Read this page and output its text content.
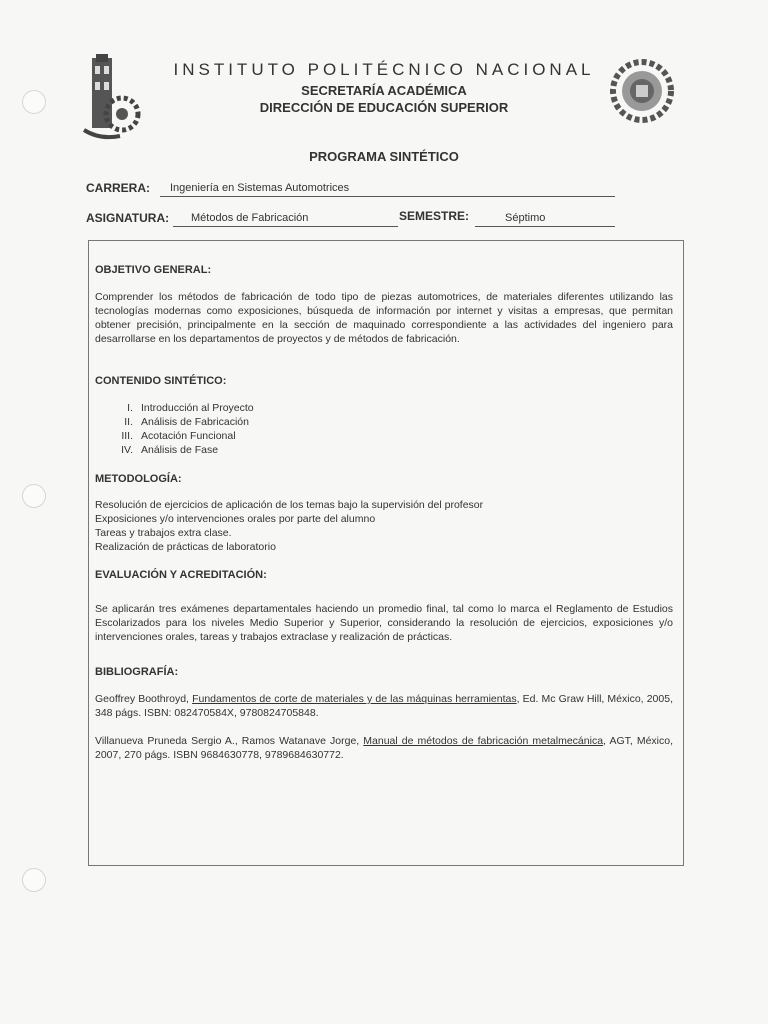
INSTITUTO POLITÉCNICO NACIONAL
SECRETARÍA ACADÉMICA
DIRECCIÓN DE EDUCACIÓN SUPERIOR
PROGRAMA SINTÉTICO
CARRERA:	Ingeniería en Sistemas Automotrices
ASIGNATURA:	Métodos de Fabricación	SEMESTRE:	Séptimo
OBJETIVO GENERAL:
Comprender los métodos de fabricación de todo tipo de piezas automotrices, de materiales diferentes utilizando las tecnologías modernas como exposiciones, búsqueda de información por internet y visitas a empresas, que permitan obtener precisión, principalmente en la sección de maquinado correspondiente a las actividades del ingeniero para desarrollarse en los departamentos de proyectos y de métodos de fabricación.
CONTENIDO SINTÉTICO:
I. Introducción al Proyecto
II. Análisis de Fabricación
III. Acotación Funcional
IV. Análisis de Fase
METODOLOGÍA:
Resolución de ejercicios de aplicación de los temas bajo la supervisión del profesor
Exposiciones y/o intervenciones orales por parte del alumno
Tareas y trabajos extra clase.
Realización de prácticas de laboratorio
EVALUACIÓN Y ACREDITACIÓN:
Se aplicarán tres exámenes departamentales haciendo un promedio final, tal como lo marca el Reglamento de Estudios Escolarizados para los niveles Medio Superior y Superior, considerando la resolución de ejercicios, exposiciones y/o intervenciones orales, tareas y trabajos extraclase y realización de prácticas.
BIBLIOGRAFÍA:
Geoffrey Boothroyd, Fundamentos de corte de materiales y de las máquinas herramientas, Ed. Mc Graw Hill, México, 2005, 348 págs. ISBN: 082470584X, 9780824705848.
Villanueva Pruneda Sergio A., Ramos Watanave Jorge, Manual de métodos de fabricación metalmecánica, AGT, México, 2007, 270 págs. ISBN 9684630778, 9789684630772.
